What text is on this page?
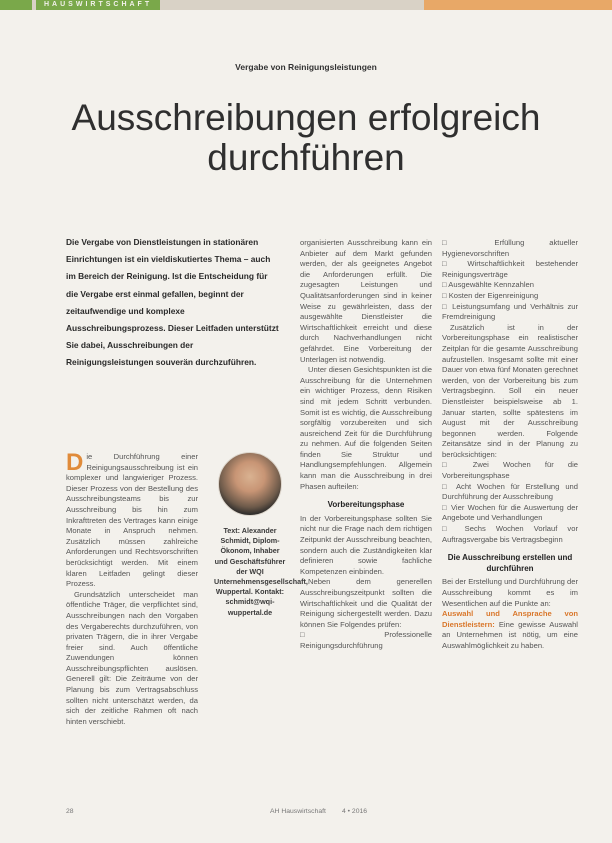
HAUSWIRTSCHAFT
Vergabe von Reinigungsleistungen
Ausschreibungen erfolgreich durchführen

Die Vergabe von Dienstleistungen in stationären Einrichtungen ist ein vieldiskutiertes Thema – auch im Bereich der Reinigung. Ist die Entscheidung für die Vergabe erst einmal gefallen, beginnt der zeitaufwendige und komplexe Ausschreibungsprozess. Dieser Leitfaden unterstützt Sie dabei, Ausschreibungen der Reinigungsleistungen souverän durchzuführen.

Die Durchführung einer Reinigungsausschreibung ist ein komplexer und langwieriger Prozess. Dieser Prozess von der Bestellung des Ausschreibungsteams bis zur Ausschreibung bis hin zum Inkrafttreten des Vertrages kann einige Monate in Anspruch nehmen. Zusätzlich müssen zahlreiche Anforderungen und Rechtsvorschriften berücksichtigt werden. Mit einem klaren Leitfaden gelingt dieser Prozess.

Grundsätzlich unterscheidet man öffentliche Träger, die verpflichtet sind, Ausschreibungen nach den Vorgaben des Vergaberechts durchzuführen, von privaten Trägern, die in ihrer Vergabe freier sind. Auch öffentliche Zuwendungen können Ausschreibungspflichten auslösen. Generell gilt: Die Zeiträume von der Planung bis zum Vertragsabschluss sollten nicht unterschätzt werden, da sich der zeitliche Rahmen oft nach hinten verschiebt.

Text: Alexander Schmidt, Diplom-Ökonom, Inhaber und Geschäftsführer der WQI Unternehmensgesellschaft, Wuppertal. Kontakt: schmidt@wqi-wuppertal.de

organisierten Ausschreibung kann ein Anbieter auf dem Markt gefunden werden, der als geeignetes Angebot die Anforderungen erfüllt. Die zugesagten Leistungen und Qualitätsanforderungen sind in keiner Weise zu gewährleisten, dass der ausgewählte Dienstleister die Wirtschaftlichkeit erreicht und diese durch Nachverhandlungen nicht gefährdet. Eine Vorbereitung der Unterlagen ist notwendig.

Unter diesen Gesichtspunkten ist die Ausschreibung für die Unternehmen ein wichtiger Prozess, denn Risiken sind mit jedem Schritt verbunden. Somit ist es wichtig, die Ausschreibung sorgfältig vorzubereiten und sich ausreichend Zeit für die Durchführung zu nehmen. Auf die folgenden Seiten finden Sie Struktur und Handlungsempfehlungen. Allgemein kann man die Ausschreibung in drei Phasen aufteilen:

Vorbereitungsphase

In der Vorbereitungsphase sollten Sie nicht nur die Frage nach dem richtigen Zeitpunkt der Ausschreibung beachten, sondern auch die Zuständigkeiten klar definieren sowie fachliche Kompetenzen einbinden.

Neben dem generellen Ausschreibungszeitpunkt sollten die Wirtschaftlichkeit und die Qualität der Reinigung sichergestellt werden. Dazu können Sie Folgendes prüfen:

□ Professionelle Reinigungsdurchführung

□ Erfüllung aktueller Hygienevorschriften

□ Wirtschaftlichkeit bestehender Reinigungsverträge

□ Ausgewählte Kennzahlen

□ Kosten der Eigenreinigung

□ Leistungsumfang und Verhältnis zur Fremdreinigung

Zusätzlich ist in der Vorbereitungsphase ein realistischer Zeitplan für die gesamte Ausschreibung aufzustellen. Insgesamt sollte mit einer Dauer von etwa fünf Monaten gerechnet werden, von der Vorbereitung bis zum Vertragsbeginn. Soll ein neuer Dienstleister beispielsweise ab 1. Januar starten, sollte spätestens im August mit der Ausschreibung begonnen werden. Folgende Zeitansätze sind in der Planung zu berücksichtigen:

□ Zwei Wochen für die Vorbereitungsphase

□ Acht Wochen für Erstellung und Durchführung der Ausschreibung

□ Vier Wochen für die Auswertung der Angebote und Verhandlungen

□ Sechs Wochen Vorlauf vor Auftragsvergabe bis Vertragsbeginn

Die Ausschreibung erstellen und durchführen

Bei der Erstellung und Durchführung der Ausschreibung kommt es im Wesentlichen auf die Punkte an:

Auswahl und Ansprache von Dienstleistern: Eine gewisse Auswahl an Unternehmen ist nötig, um eine Auswahlmöglichkeit zu haben.

28	AH Hauswirtschaft 4 • 2016
